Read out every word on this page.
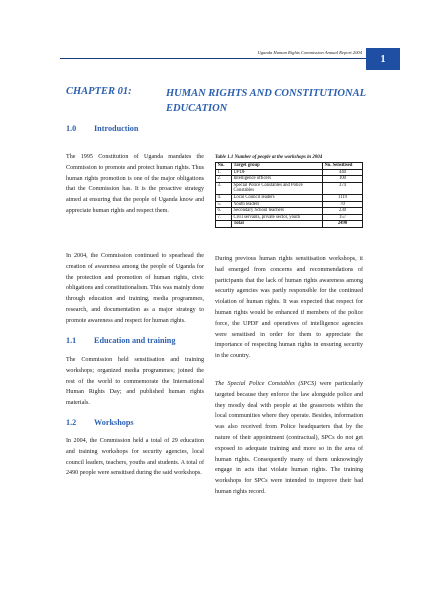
Uganda Human Rights Commission Annual Report 2004
1
CHAPTER 01:	HUMAN RIGHTS AND CONSTITUTIONAL EDUCATION
1.0 Introduction
The 1995 Constitution of Uganda mandates the Commission to promote and protect human rights. Thus human rights promotion is one of the major obligations that the Commission has. It is the proactive strategy aimed at ensuring that the people of Uganda know and appreciate human rights and respect them.
In 2004, the Commission continued to spearhead the creation of awareness among the people of Uganda for the protection and promotion of human rights, civic obligations and constitutionalism. This was mainly done through education and training, media programmes, research, and documentation as a major strategy to promote awareness and respect for human rights.
1.1 Education and training
The Commission held sensitisation and training workshops; organized media programmes; joined the rest of the world to commemorate the International Human Rights Day; and published human rights materials.
1.2 Workshops
In 2004, the Commission held a total of 29 education and training workshops for security agencies, local council leaders, teachers, youths and students. A total of 2490 people were sensitised during the said workshops.
Table 1.1 Number of people at the workshops in 2004
No.	Target group	No. Sensitised
1.	UPDF	440
2.	Intelligence officers	100
3.	Special Police Constables and Police Constables	374
4.	Local Council leaders	1119
5.	Youth leaders	70
6.	Secondary School teachers	230
7.	Civil servants, private sector, youth	157
	Total	2490
During previous human rights sensitisation workshops, it had emerged from concerns and recommendations of participants that the lack of human rights awareness among security agencies was partly responsible for the continued violation of human rights. It was expected that respect for human rights would be enhanced if members of the police force, the UPDF and operatives of intelligence agencies were sensitised in order for them to appreciate the importance of respecting human rights in ensuring security in the country.
The Special Police Constables (SPCS) were particularly targeted because they enforce the law alongside police and they mostly deal with people at the grassroots within the local communities where they operate. Besides, information was also received from Police headquarters that by the nature of their appointment (contractual), SPCs do not get exposed to adequate training and more so in the area of human rights. Consequently many of them unknowingly engage in acts that violate human rights. The training workshops for SPCs were intended to improve their bad human rights record.
